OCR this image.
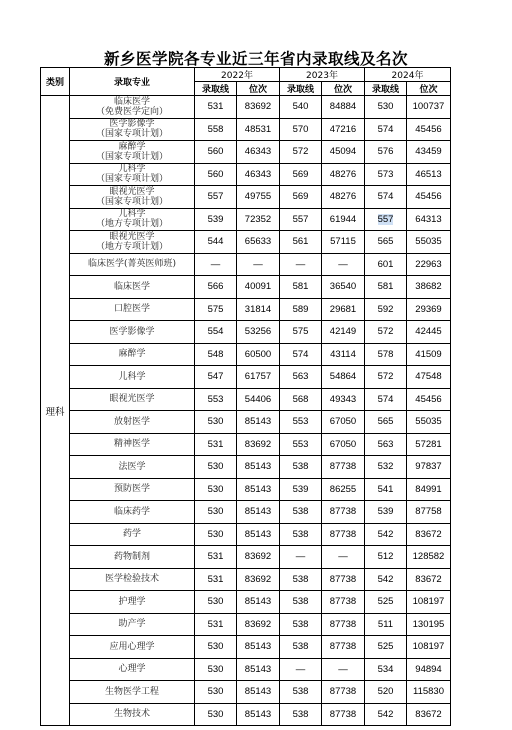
新乡医学院各专业近三年省内录取线及名次
类别	录取专业	2022年		2023年		2024年	
		录取线	位次	录取线	位次	录取线	位次
理科	临床医学
（免费医学定向）	531	83692	540	84884	530	100737

	医学影像学
（国家专项计划）	558	48531	570	47216	574	45456

	麻醉学
（国家专项计划）	560	46343	572	45094	576	43459

	儿科学
（国家专项计划）	560	46343	569	48276	573	46513

	眼视光医学
（国家专项计划）	557	49755	569	48276	574	45456

	儿科学
（地方专项计划）	539	72352	557	61944	557	64313

	眼视光医学
（地方专项计划）	544	65633	561	57115	565	55035

	临床医学(菁英医师班)	—	—	—	—	601	22963

	临床医学	566	40091	581	36540	581	38682

	口腔医学	575	31814	589	29681	592	29369

	医学影像学	554	53256	575	42149	572	42445

	麻醉学	548	60500	574	43114	578	41509

	儿科学	547	61757	563	54864	572	47548

	眼视光医学	553	54406	568	49343	574	45456

	放射医学	530	85143	553	67050	565	55035

	精神医学	531	83692	553	67050	563	57281

	法医学	530	85143	538	87738	532	97837

	预防医学	530	85143	539	86255	541	84991

	临床药学	530	85143	538	87738	539	87758

	药学	530	85143	538	87738	542	83672

	药物制剂	531	83692	—	—	512	128582

	医学检验技术	531	83692	538	87738	542	83672

	护理学	530	85143	538	87738	525	108197

	助产学	531	83692	538	87738	511	130195

	应用心理学	530	85143	538	87738	525	108197

	心理学	530	85143	—	—	534	94894

	生物医学工程	530	85143	538	87738	520	115830

	生物技术	530	85143	538	87738	542	83672
